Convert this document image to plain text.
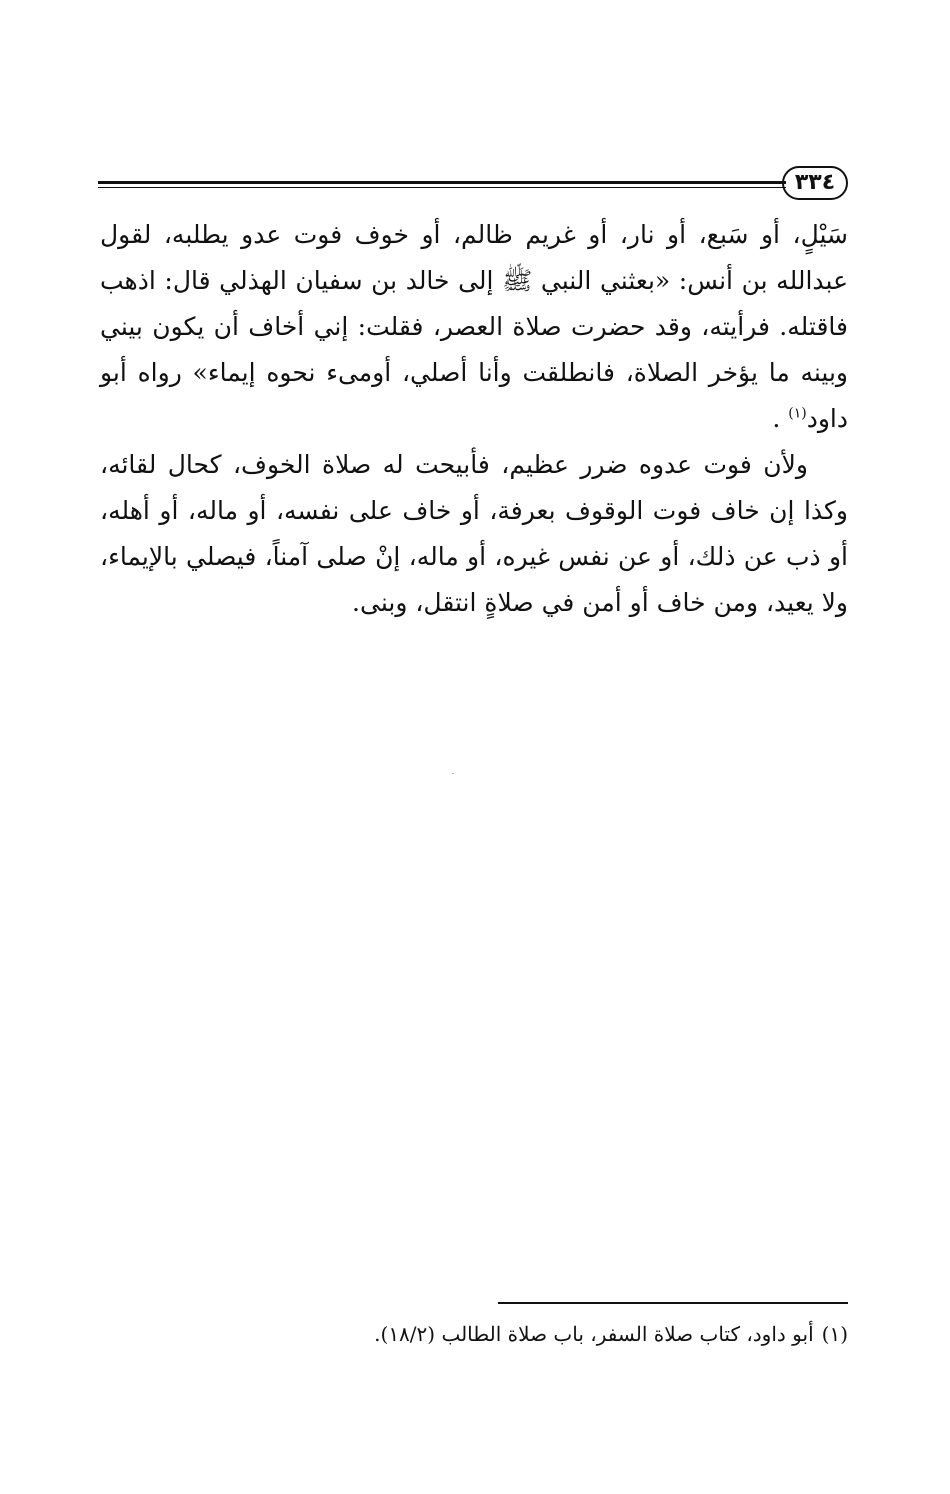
٣٣٤

سَيْلٍ، أو سَبع، أو نار، أو غريم ظالم، أو خوف فوت عدو يطلبه، لقول عبدالله بن أنس: «بعثني النبي ﷺ إلى خالد بن سفيان الهذلي قال: اذهب فاقتله. فرأيته، وقد حضرت صلاة العصر، فقلت: إني أخاف أن يكون بيني وبينه ما يؤخر الصلاة، فانطلقت وأنا أصلي، أومىء نحوه إيماء» رواه أبو داود$^{(١)}$ .

ولأن فوت عدوه ضرر عظيم، فأبيحت له صلاة الخوف، كحال لقائه، وكذا إن خاف فوت الوقوف بعرفة، أو خاف على نفسه، أو ماله، أو أهله، أو ذب عن ذلك، أو عن نفس غيره، أو ماله، إنْ صلى آمناً، فيصلي بالإيماء، ولا يعيد، ومن خاف أو أمن في صلاةٍ انتقل، وبنى.

(١)أبو داود، كتاب صلاة السفر، باب صلاة الطالب (١٨/٢).
